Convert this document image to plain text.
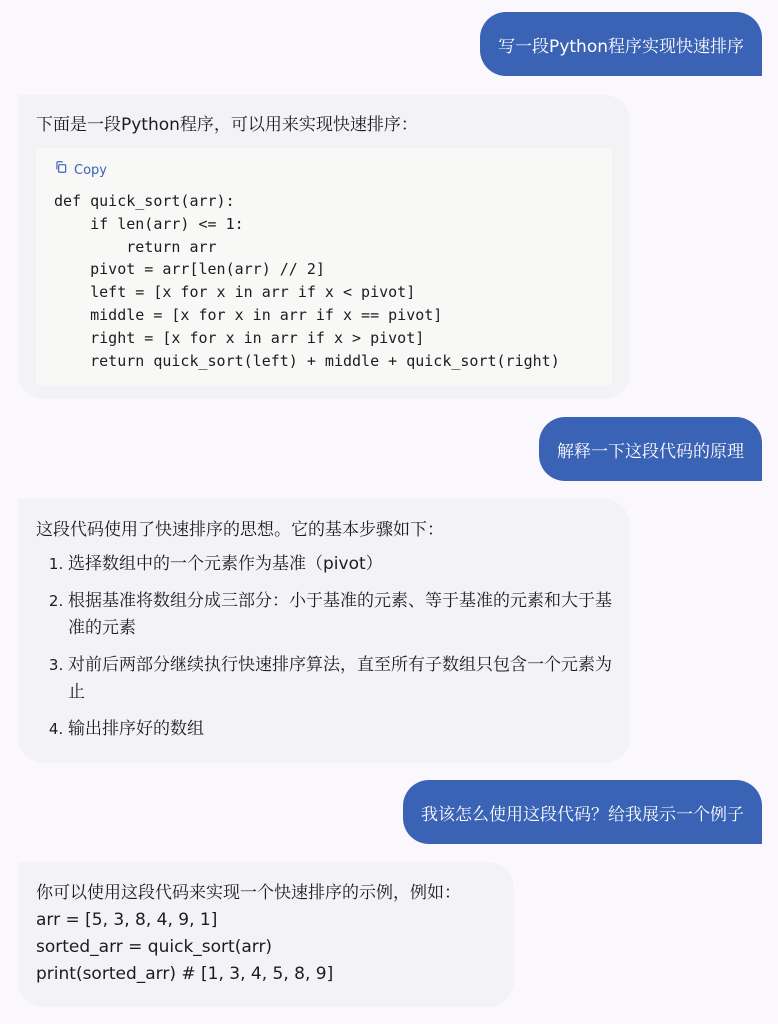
写一段Python程序实现快速排序

下面是一段Python程序，可以用来实现快速排序：

Copy
def quick_sort(arr):
if len(arr) <= 1:
return arr
pivot = arr[len(arr) // 2]
left = [x for x in arr if x < pivot]
middle = [x for x in arr if x == pivot]
right = [x for x in arr if x > pivot]
return quick_sort(left) + middle + quick_sort(right)
解释一下这段代码的原理
这段代码使用了快速排序的思想。它的基本步骤如下：
1. 选择数组中的一个元素作为基准（pivot）
2. 根据基准将数组分成三部分：小于基准的元素、等于基准的元素和大于基准的元素
3. 对前后两部分继续执行快速排序算法，直至所有子数组只包含一个元素为止
4. 输出排序好的数组
我该怎么使用这段代码？给我展示一个例子
你可以使用这段代码来实现一个快速排序的示例，例如：
arr = [5, 3, 8, 4, 9, 1]
sorted_arr = quick_sort(arr)
print(sorted_arr) # [1, 3, 4, 5, 8, 9]
